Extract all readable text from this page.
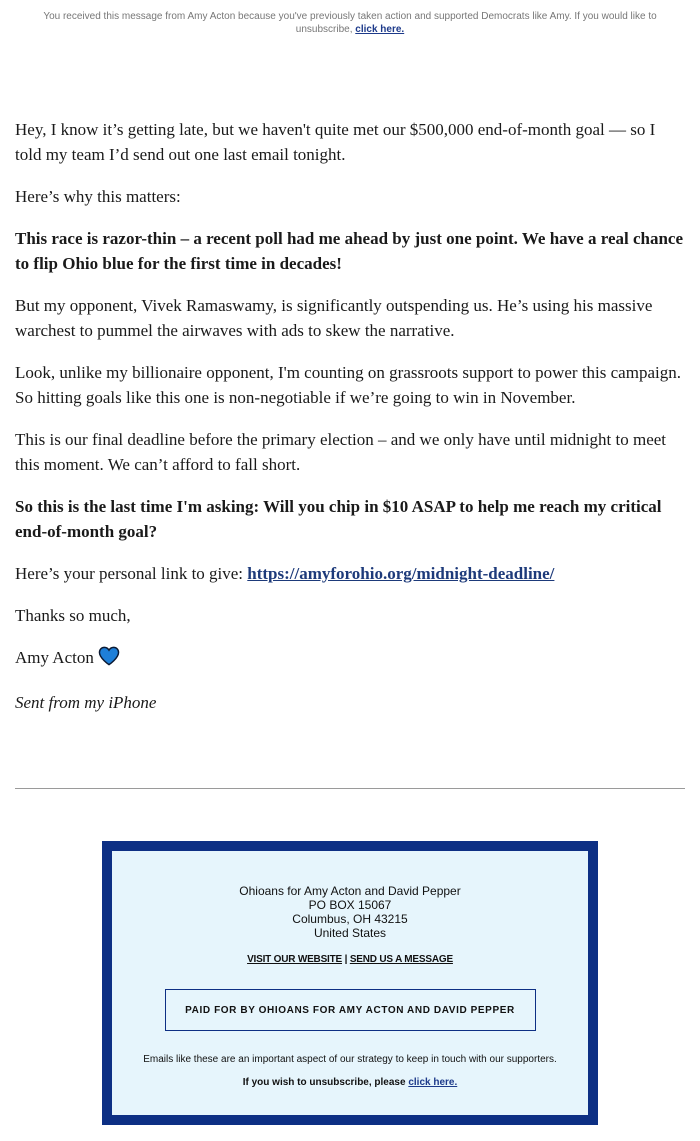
You received this message from Amy Acton because you've previously taken action and supported Democrats like Amy. If you would like to unsubscribe, click here.

Hey, I know it’s getting late, but we haven't quite met our $500,000 end-of-month goal — so I told my team I’d send out one last email tonight.

Here’s why this matters:

This race is razor-thin – a recent poll had me ahead by just one point. We have a real chance to flip Ohio blue for the first time in decades!

But my opponent, Vivek Ramaswamy, is significantly outspending us. He’s using his massive warchest to pummel the airwaves with ads to skew the narrative.

Look, unlike my billionaire opponent, I'm counting on grassroots support to power this campaign. So hitting goals like this one is non-negotiable if we’re going to win in November.

This is our final deadline before the primary election – and we only have until midnight to meet this moment. We can’t afford to fall short.

So this is the last time I'm asking: Will you chip in $10 ASAP to help me reach my critical end-of-month goal?

Here’s your personal link to give: https://amyforohio.org/midnight-deadline/

Thanks so much,

Amy Acton

Sent from my iPhone

Ohioans for Amy Acton and David Pepper
PO BOX 15067
Columbus, OH 43215
United States
VISIT OUR WEBSITE | SEND US A MESSAGE
PAID FOR BY OHIOANS FOR AMY ACTON AND DAVID PEPPER
Emails like these are an important aspect of our strategy to keep in touch with our supporters.
If you wish to unsubscribe, please click here.
